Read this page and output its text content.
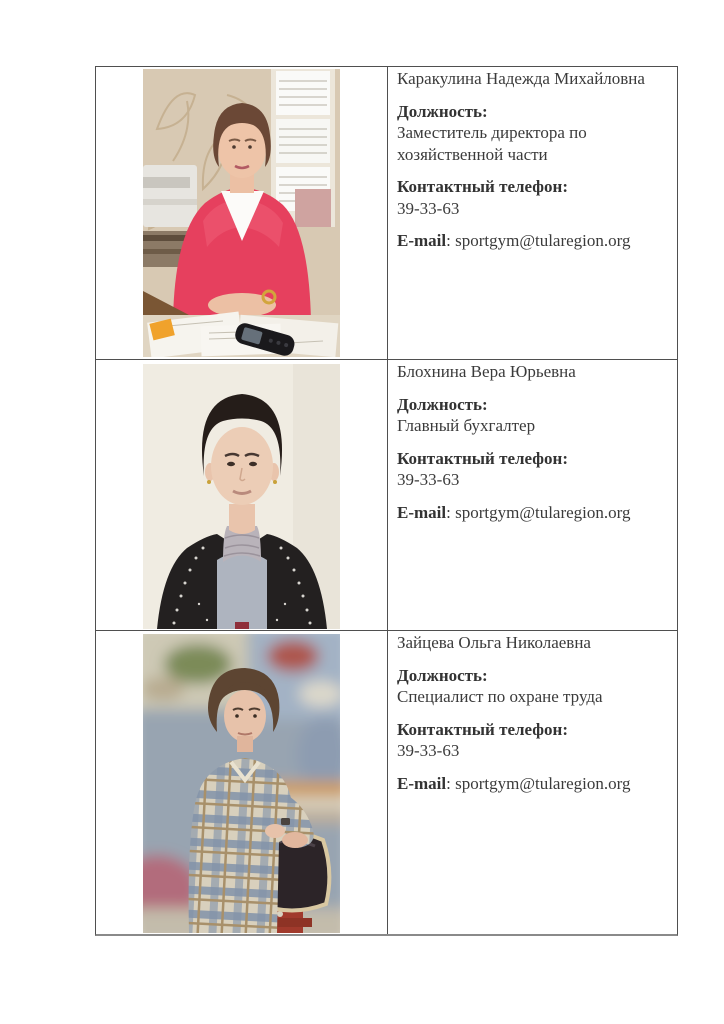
Каракулина Надежда Михайловна

Должность:
Заместитель директора по хозяйственной части

Контактный телефон:
39-33-63

E-mail: sportgym@tularegion.org

Блохнина Вера Юрьевна

Должность:
Главный бухгалтер

Контактный телефон:
39-33-63

E-mail: sportgym@tularegion.org

Зайцева Ольга Николаевна

Должность:
Специалист по охране труда

Контактный телефон:
39-33-63

E-mail: sportgym@tularegion.org
